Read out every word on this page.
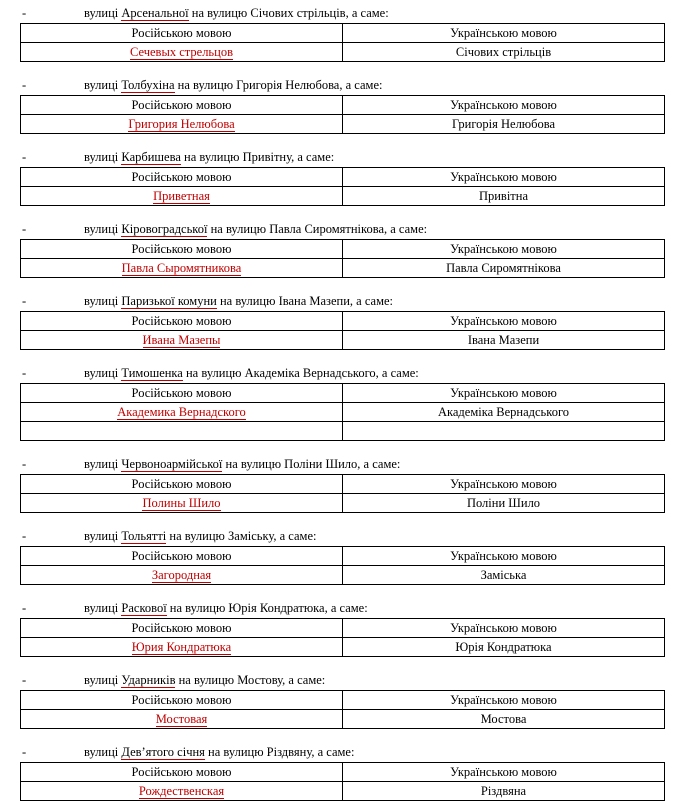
-	вулиці Арсенальної на вулицю Січових стрільців, а саме:
Російською мовою	Українською мовою
Сечевых стрельцов	Січових стрільців
-	вулиці Толбухіна на вулицю Григорія Нелюбова, а саме:
Російською мовою	Українською мовою
Григория Нелюбова	Григорія Нелюбова
-	вулиці Карбишева на вулицю Привітну, а саме:
Російською мовою	Українською мовою
Приветная	Привітна
-	вулиці Кіровоградської на вулицю Павла Сиромятнікова, а саме:
Російською мовою	Українською мовою
Павла Сыромятникова	Павла Сиромятнікова
-	вулиці Паризької комуни на вулицю Івана Мазепи, а саме:
Російською мовою	Українською мовою
Ивана Мазепы	Івана Мазепи
-	вулиці Тимошенка на вулицю Академіка Вернадського, а саме:
Російською мовою	Українською мовою
Академика Вернадского	Академіка Вернадського

-	вулиці Червоноармійської на вулицю Поліни Шило, а саме:
Російською мовою	Українською мовою
Полины Шило	Поліни Шило
-	вулиці Тольятті на вулицю Заміську, а саме:
Російською мовою	Українською мовою
Загородная	Заміська
-	вулиці Раскової на вулицю Юрія Кондратюка, а саме:
Російською мовою	Українською мовою
Юрия Кондратюка	Юрія Кондратюка
-	вулиці Ударників на вулицю Мостову, а саме:
Російською мовою	Українською мовою
Мостовая	Мостова
-	вулиці Дев’ятого січня на вулицю Різдвяну, а саме:
Російською мовою	Українською мовою
Рождественская	Різдвяна
